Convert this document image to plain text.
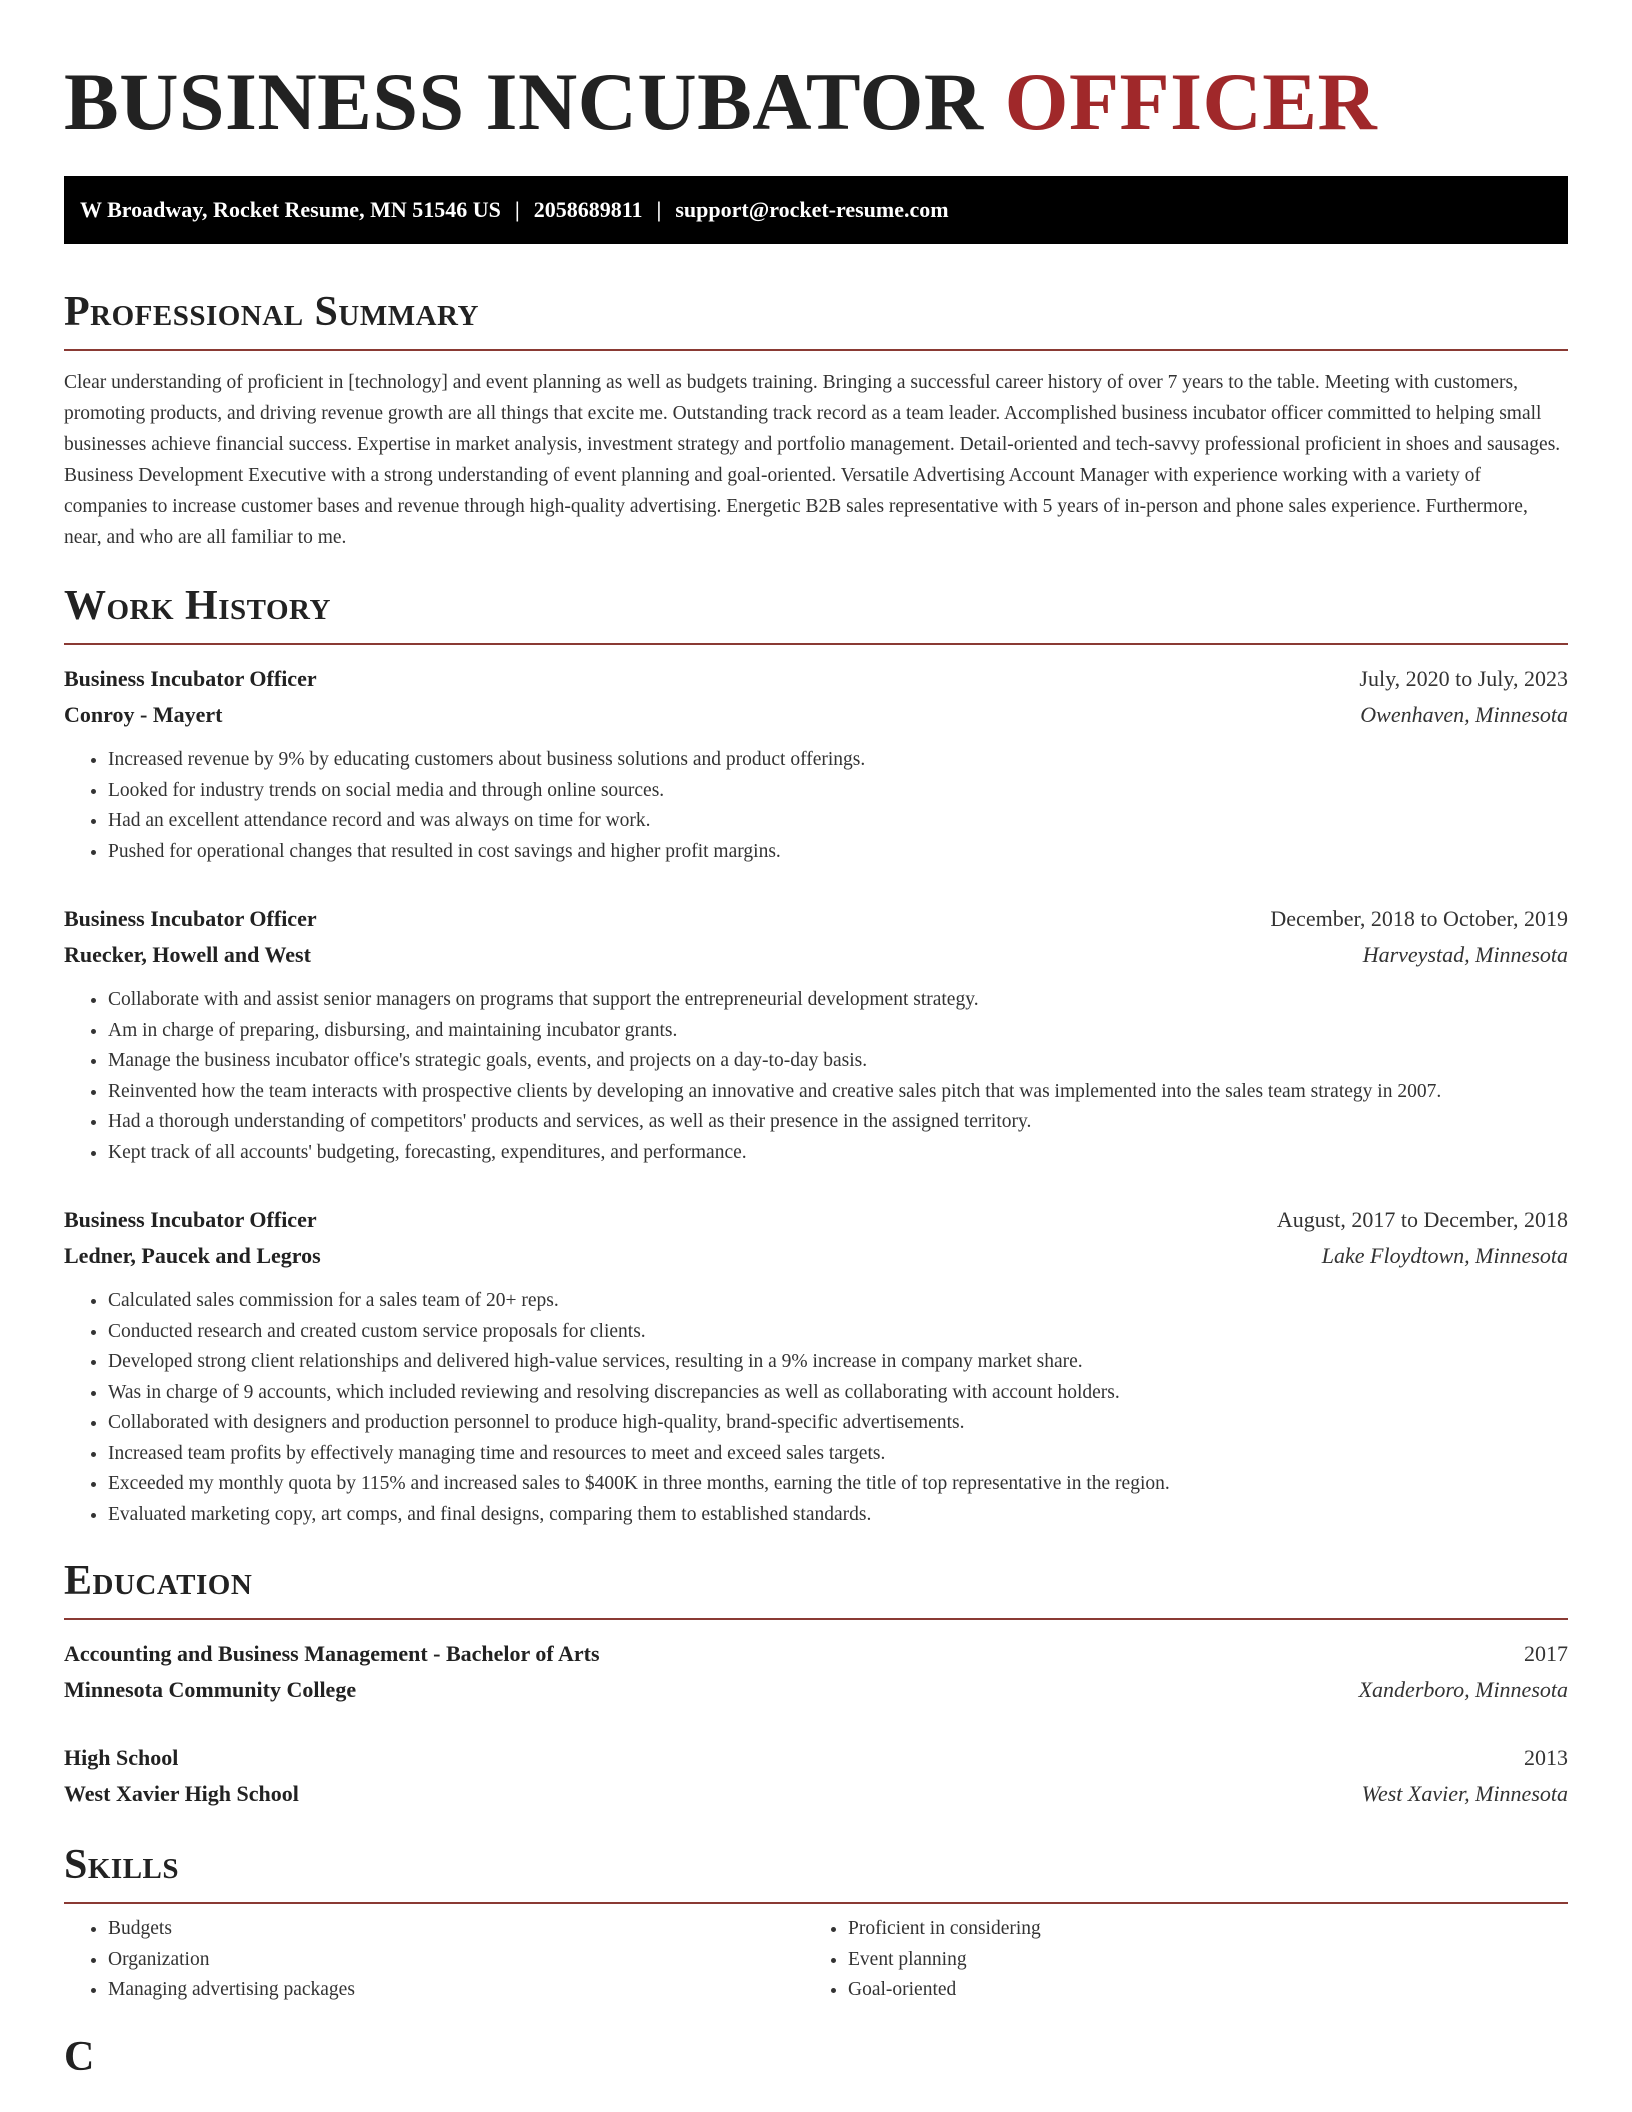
BUSINESS INCUBATOR OFFICER
W Broadway, Rocket Resume, MN 51546 US | 2058689811 | support@rocket-resume.com
Professional Summary

Clear understanding of proficient in [technology] and event planning as well as budgets training. Bringing a successful career history of over 7 years to the table. Meeting with customers, promoting products, and driving revenue growth are all things that excite me. Outstanding track record as a team leader. Accomplished business incubator officer committed to helping small businesses achieve financial success. Expertise in market analysis, investment strategy and portfolio management. Detail-oriented and tech-savvy professional proficient in shoes and sausages. Business Development Executive with a strong understanding of event planning and goal-oriented. Versatile Advertising Account Manager with experience working with a variety of companies to increase customer bases and revenue through high-quality advertising. Energetic B2B sales representative with 5 years of in-person and phone sales experience. Furthermore, near, and who are all familiar to me.

Work History
Business Incubator Officer	July, 2020 to July, 2023
Conroy - Mayert	Owenhaven, Minnesota
• Increased revenue by 9% by educating customers about business solutions and product offerings.
• Looked for industry trends on social media and through online sources.
• Had an excellent attendance record and was always on time for work.
• Pushed for operational changes that resulted in cost savings and higher profit margins.
Business Incubator Officer	December, 2018 to October, 2019
Ruecker, Howell and West	Harveystad, Minnesota
• Collaborate with and assist senior managers on programs that support the entrepreneurial development strategy.
• Am in charge of preparing, disbursing, and maintaining incubator grants.
• Manage the business incubator office's strategic goals, events, and projects on a day-to-day basis.
• Reinvented how the team interacts with prospective clients by developing an innovative and creative sales pitch that was implemented into the sales team strategy in 2007.
• Had a thorough understanding of competitors' products and services, as well as their presence in the assigned territory.
• Kept track of all accounts' budgeting, forecasting, expenditures, and performance.
Business Incubator Officer	August, 2017 to December, 2018
Ledner, Paucek and Legros	Lake Floydtown, Minnesota
• Calculated sales commission for a sales team of 20+ reps.
• Conducted research and created custom service proposals for clients.
• Developed strong client relationships and delivered high-value services, resulting in a 9% increase in company market share.
• Was in charge of 9 accounts, which included reviewing and resolving discrepancies as well as collaborating with account holders.
• Collaborated with designers and production personnel to produce high-quality, brand-specific advertisements.
• Increased team profits by effectively managing time and resources to meet and exceed sales targets.
• Exceeded my monthly quota by 115% and increased sales to $400K in three months, earning the title of top representative in the region.
• Evaluated marketing copy, art comps, and final designs, comparing them to established standards.
Education
Accounting and Business Management - Bachelor of Arts	2017
Minnesota Community College	Xanderboro, Minnesota
High School	2013
West Xavier High School	West Xavier, Minnesota
Skills
• Budgets
• Organization
• Managing advertising packages
• Proficient in considering
• Event planning
• Goal-oriented
C
